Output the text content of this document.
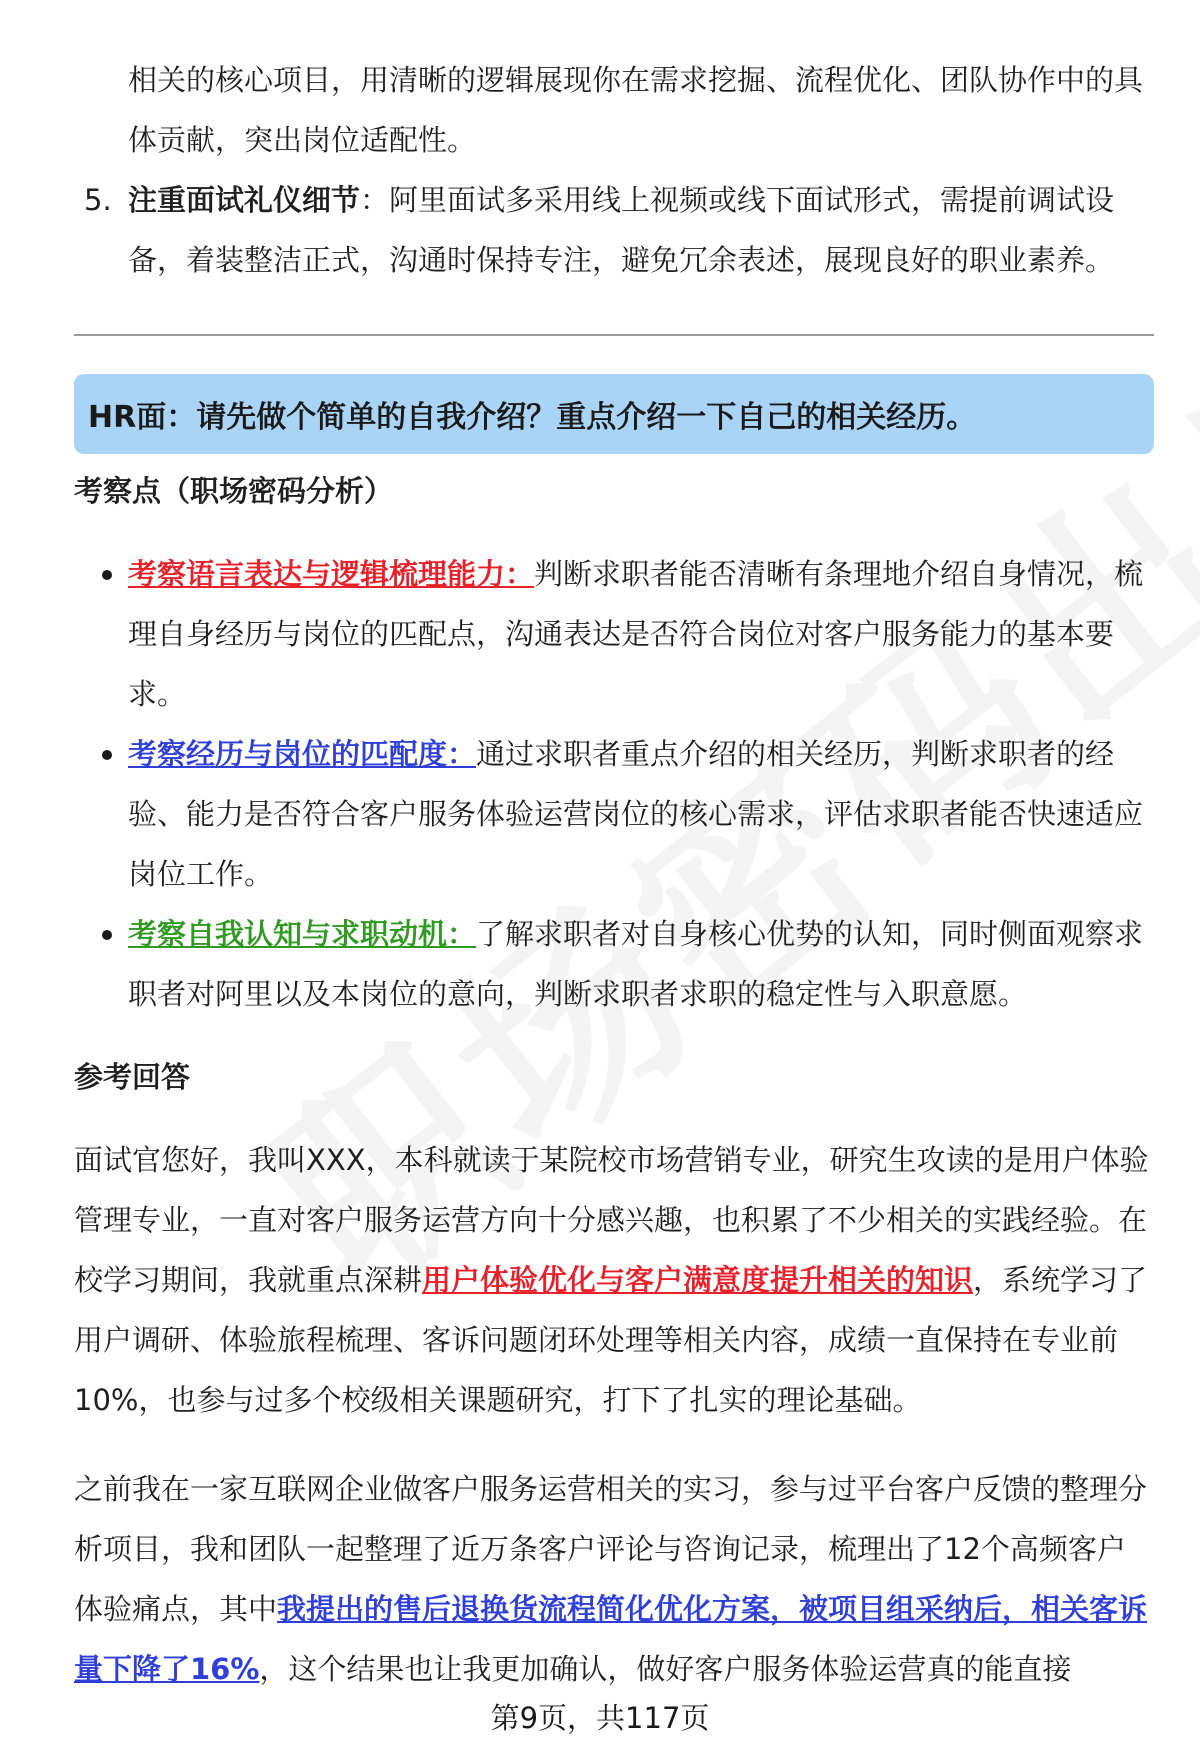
相关的核心项目，用清晰的逻辑展现你在需求挖掘、流程优化、团队协作中的具体贡献，突出岗位适配性。

5. 注重面试礼仪细节：阿里面试多采用线上视频或线下面试形式，需提前调试设备，着装整洁正式，沟通时保持专注，避免冗余表述，展现良好的职业素养。

HR面：请先做个简单的自我介绍？重点介绍一下自己的相关经历。
考察点（职场密码分析）
考察语言表达与逻辑梳理能力：判断求职者能否清晰有条理地介绍自身情况，梳理自身经历与岗位的匹配点，沟通表达是否符合岗位对客户服务能力的基本要求。
考察经历与岗位的匹配度：通过求职者重点介绍的相关经历，判断求职者的经验、能力是否符合客户服务体验运营岗位的核心需求，评估求职者能否快速适应岗位工作。
考察自我认知与求职动机：了解求职者对自身核心优势的认知，同时侧面观察求职者对阿里以及本岗位的意向，判断求职者求职的稳定性与入职意愿。
参考回答

面试官您好，我叫XXX，本科就读于某院校市场营销专业，研究生攻读的是用户体验管理专业，一直对客户服务运营方向十分感兴趣，也积累了不少相关的实践经验。在校学习期间，我就重点深耕用户体验优化与客户满意度提升相关的知识，系统学习了用户调研、体验旅程梳理、客诉问题闭环处理等相关内容，成绩一直保持在专业前10%，也参与过多个校级相关课题研究，打下了扎实的理论基础。

之前我在一家互联网企业做客户服务运营相关的实习，参与过平台客户反馈的整理分析项目，我和团队一起整理了近万条客户评论与咨询记录，梳理出了12个高频客户体验痛点，其中我提出的售后退换货流程简化优化方案，被项目组采纳后，相关客诉量下降了16%，这个结果也让我更加确认，做好客户服务体验运营真的能直接

第9页，共117页
